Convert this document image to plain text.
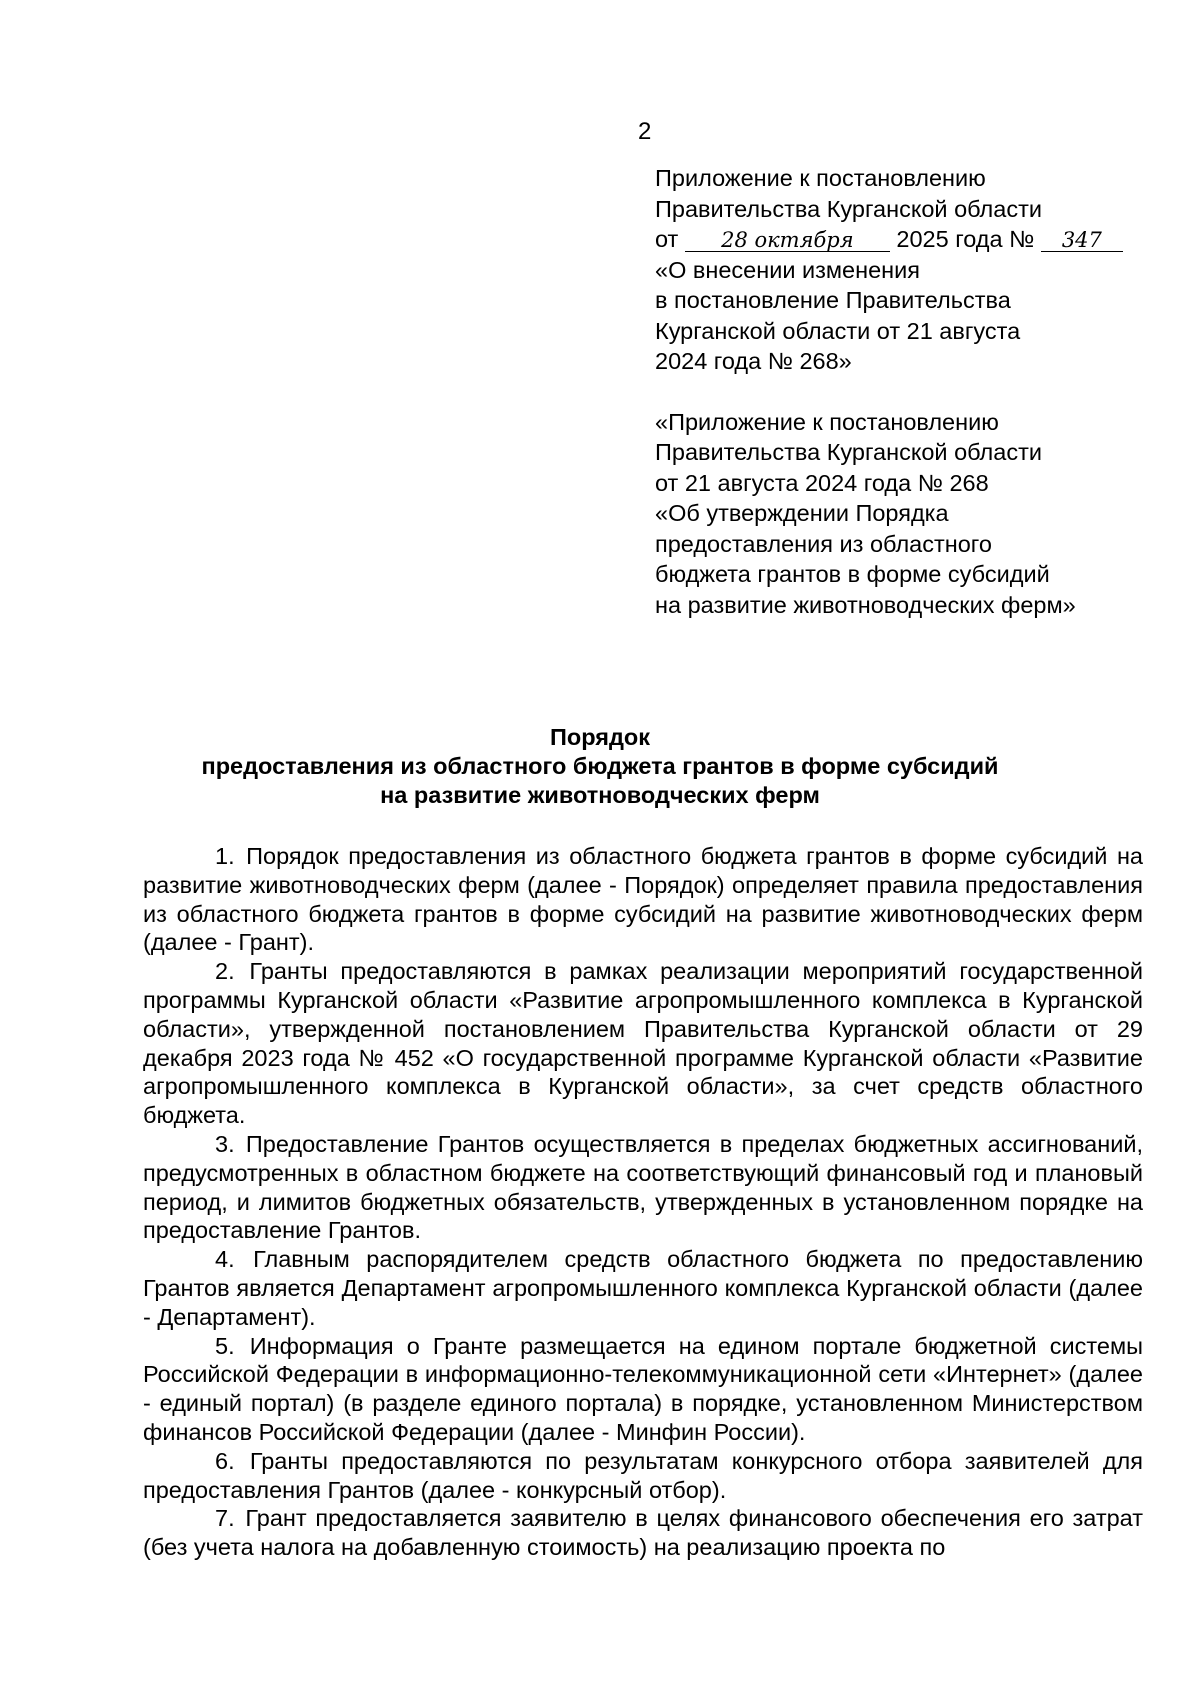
2

Приложение к постановлению

Правительства Курганской области

от 28 октября 2025 года № 347

«О внесении изменения

в постановление Правительства

Курганской области от 21 августа

2024 года № 268»

«Приложение к постановлению

Правительства Курганской области

от 21 августа 2024 года № 268

«Об утверждении Порядка

предоставления из областного

бюджета грантов в форме субсидий

на развитие животноводческих ферм»

Порядок
предоставления из областного бюджета грантов в форме субсидий
на развитие животноводческих ферм

1. Порядок предоставления из областного бюджета грантов в форме субсидий на развитие животноводческих ферм (далее - Порядок) определяет правила предоставления из областного бюджета грантов в форме субсидий на развитие животноводческих ферм (далее - Грант).

2. Гранты предоставляются в рамках реализации мероприятий государственной программы Курганской области «Развитие агропромышленного комплекса в Курганской области», утвержденной постановлением Правительства Курганской области от 29 декабря 2023 года № 452 «О государственной программе Курганской области «Развитие агропромышленного комплекса в Курганской области», за счет средств областного бюджета.

3. Предоставление Грантов осуществляется в пределах бюджетных ассигнований, предусмотренных в областном бюджете на соответствующий финансовый год и плановый период, и лимитов бюджетных обязательств, утвержденных в установленном порядке на предоставление Грантов.

4. Главным распорядителем средств областного бюджета по предоставлению Грантов является Департамент агропромышленного комплекса Курганской области (далее - Департамент).

5. Информация о Гранте размещается на едином портале бюджетной системы Российской Федерации в информационно-телекоммуникационной сети «Интернет» (далее - единый портал) (в разделе единого портала) в порядке, установленном Министерством финансов Российской Федерации (далее - Минфин России).

6. Гранты предоставляются по результатам конкурсного отбора заявителей для предоставления Грантов (далее - конкурсный отбор).

7. Грант предоставляется заявителю в целях финансового обеспечения его затрат (без учета налога на добавленную стоимость) на реализацию проекта по
